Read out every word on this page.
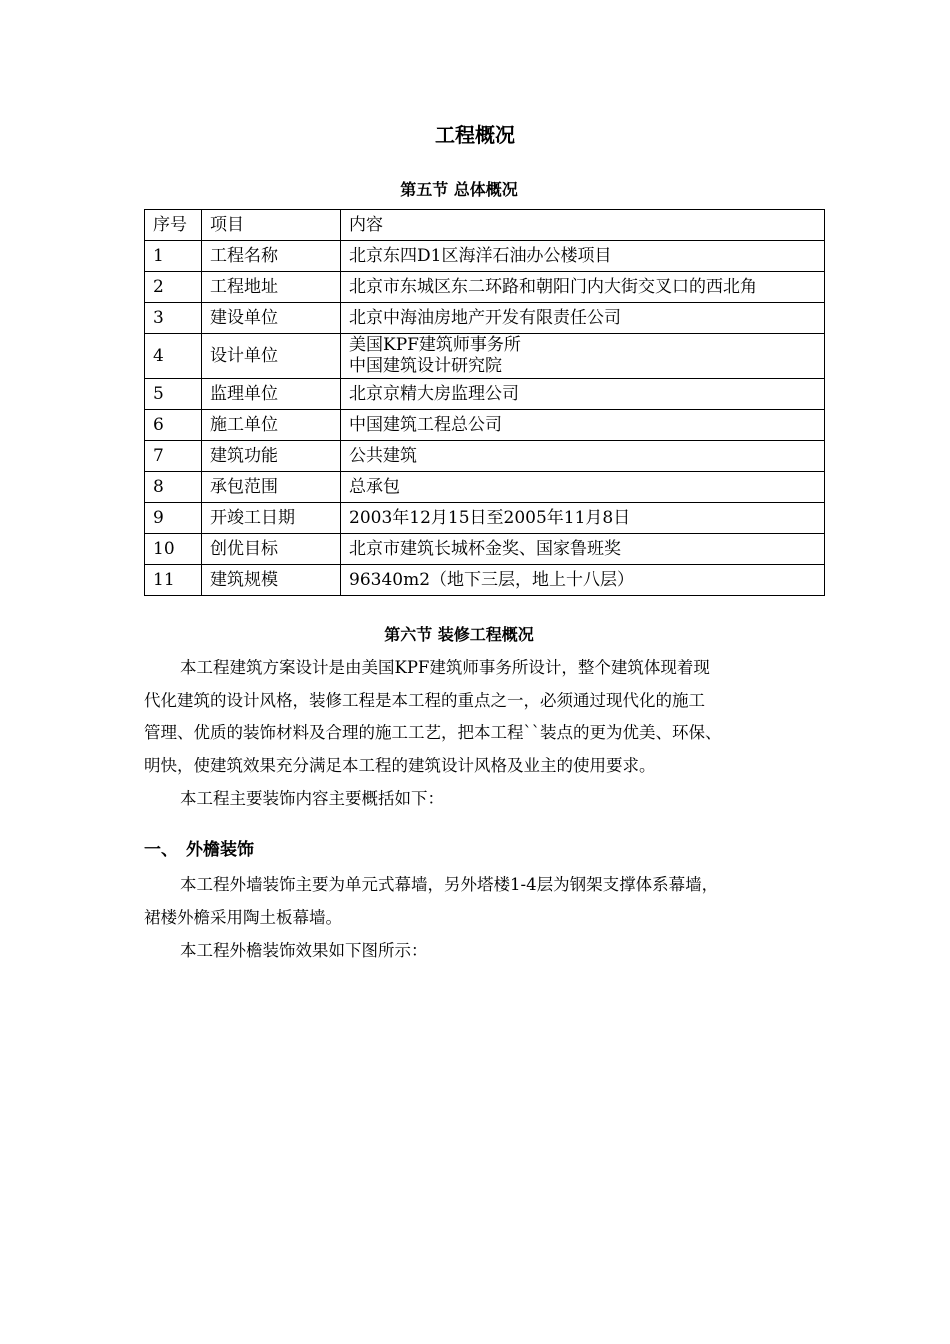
工程概况
第五节 总体概况
序号	项目	内容
1	工程名称	北京东四D1区海洋石油办公楼项目

2	工程地址	北京市东城区东二环路和朝阳门内大街交叉口的西北角

3	建设单位	北京中海油房地产开发有限责任公司

4	设计单位	美国KPF建筑师事务所
中国建筑设计研究院

5	监理单位	北京京精大房监理公司

6	施工单位	中国建筑工程总公司

7	建筑功能	公共建筑

8	承包范围	总承包

9	开竣工日期	2003年12月15日至2005年11月8日

10	创优目标	北京市建筑长城杯金奖、国家鲁班奖

11	建筑规模	96340m2（地下三层，地上十八层）
第六节 装修工程概况

本工程建筑方案设计是由美国KPF建筑师事务所设计，整个建筑体现着现
代化建筑的设计风格，装修工程是本工程的重点之一，必须通过现代化的施工
管理、优质的装饰材料及合理的施工工艺，把本工程``装点的更为优美、环保、
明快，使建筑效果充分满足本工程的建筑设计风格及业主的使用要求。

本工程主要装饰内容主要概括如下：

一、 外檐装饰

本工程外墙装饰主要为单元式幕墙，另外塔楼1-4层为钢架支撑体系幕墙，
裙楼外檐采用陶土板幕墙。

本工程外檐装饰效果如下图所示：
